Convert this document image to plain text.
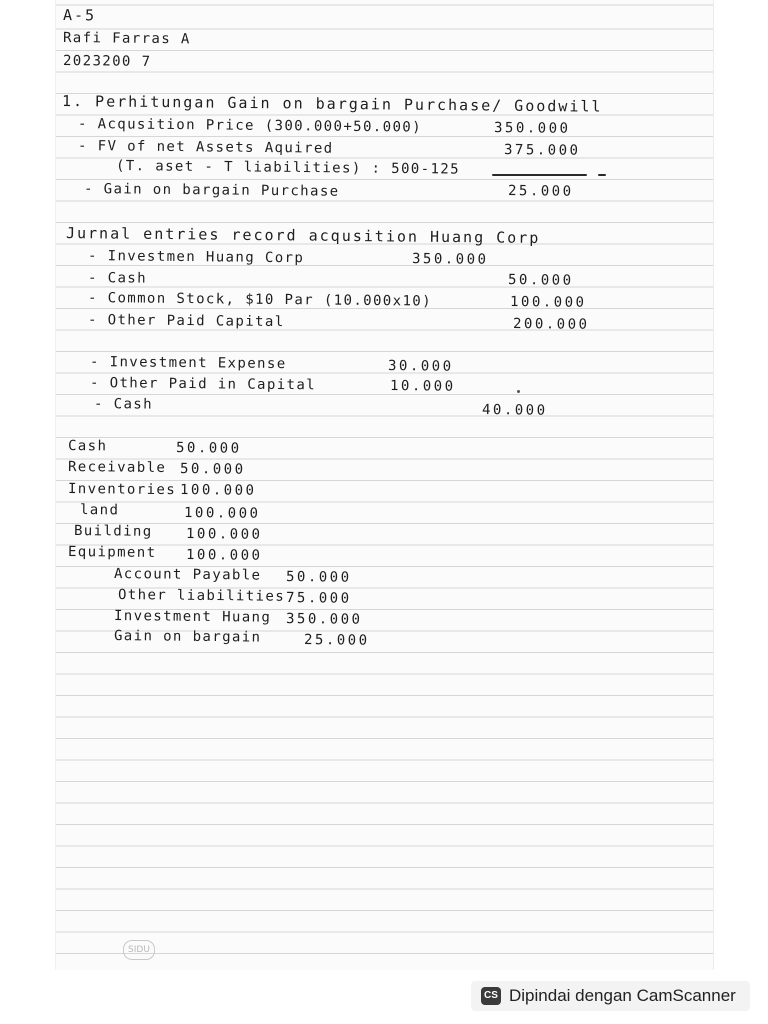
A-5
Rafi Farras A
2023200 7
1. Perhitungan Gain on bargain Purchase/ Goodwill
- Acqusition Price (300.000+50.000)	350.000
- FV of net Assets Aquired	375.000
(T. aset - T liabilities) : 500-125
- Gain on bargain Purchase	25.000
Jurnal entries record acqusition Huang Corp
- Investmen Huang Corp	350.000
- Cash	50.000
- Common Stock, $10 Par (10.000x10)	100.000
- Other Paid Capital	200.000
- Investment Expense	30.000
- Other Paid in Capital	10.000
- Cash	40.000
Cash	50.000
Receivable 50.000
Inventories 100.000
land	100.000
Building 100.000
Equipment 100.000
Account Payable 50.000
Other liabilities 75.000
Investment Huang 350.000
Gain on bargain	25.000
SIDU
CS Dipindai dengan CamScanner
